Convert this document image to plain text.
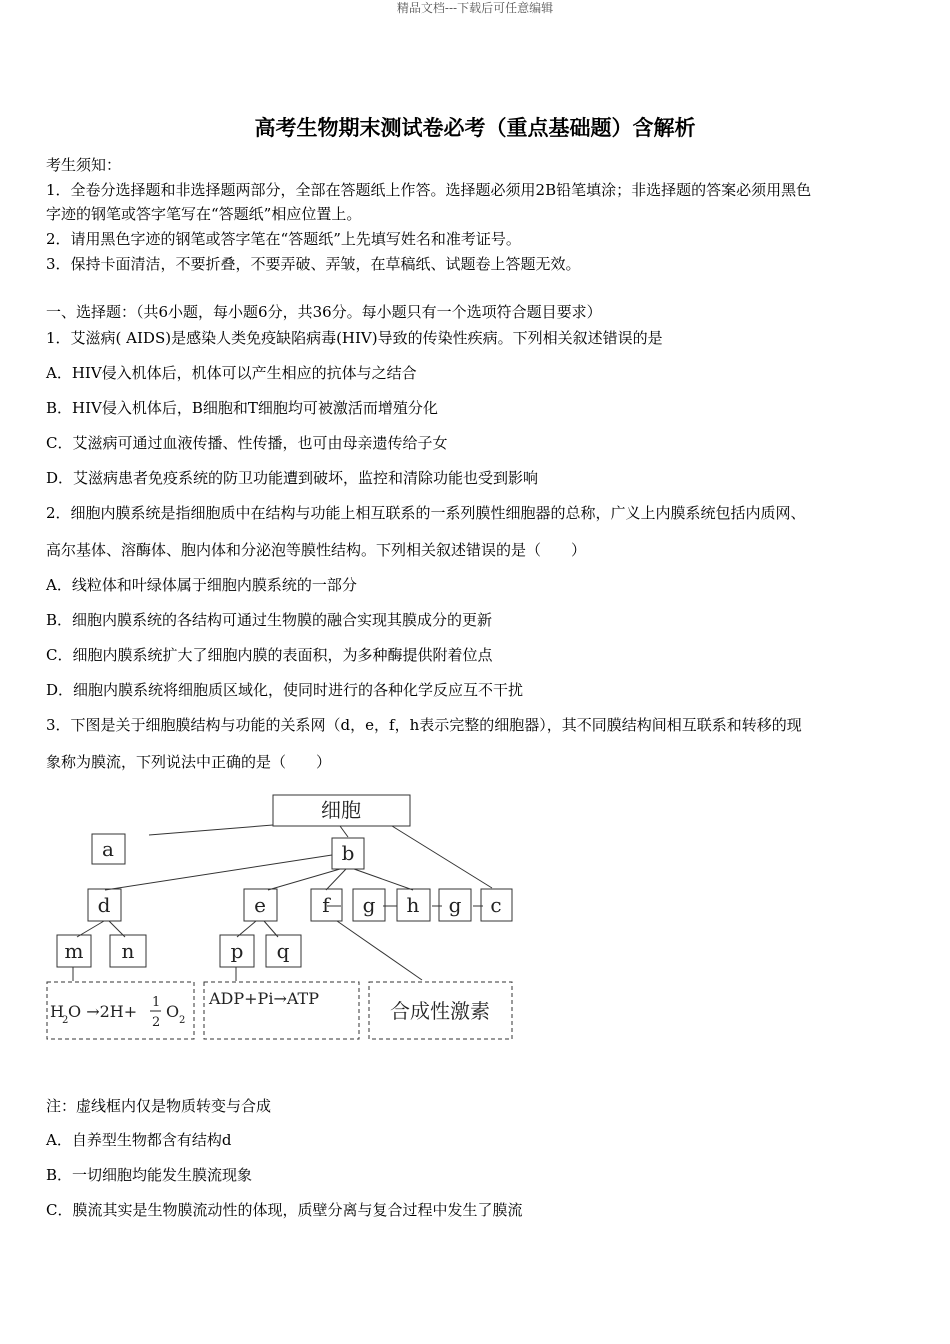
精品文档---下载后可任意编辑
高考生物期末测试卷必考（重点基础题）含解析
考生须知：
1．全卷分选择题和非选择题两部分，全部在答题纸上作答。选择题必须用2B铅笔填涂；非选择题的答案必须用黑色
字迹的钢笔或答字笔写在“答题纸”相应位置上。
2．请用黑色字迹的钢笔或答字笔在“答题纸”上先填写姓名和准考证号。
3．保持卡面清洁，不要折叠，不要弄破、弄皱，在草稿纸、试题卷上答题无效。
一、选择题：（共6小题，每小题6分，共36分。每小题只有一个选项符合题目要求）
1．艾滋病( AIDS)是感染人类免疫缺陷病毒(HIV)导致的传染性疾病。下列相关叙述错误的是
A．HIV侵入机体后，机体可以产生相应的抗体与之结合
B．HIV侵入机体后，B细胞和T细胞均可被激活而增殖分化
C．艾滋病可通过血液传播、性传播，也可由母亲遗传给子女
D．艾滋病患者免疫系统的防卫功能遭到破坏，监控和清除功能也受到影响
2．细胞内膜系统是指细胞质中在结构与功能上相互联系的一系列膜性细胞器的总称，广义上内膜系统包括内质网、
高尔基体、溶酶体、胞内体和分泌泡等膜性结构。下列相关叙述错误的是（　　）
A．线粒体和叶绿体属于细胞内膜系统的一部分
B．细胞内膜系统的各结构可通过生物膜的融合实现其膜成分的更新
C．细胞内膜系统扩大了细胞内膜的表面积，为多种酶提供附着位点
D．细胞内膜系统将细胞质区域化，使同时进行的各种化学反应互不干扰
3．下图是关于细胞膜结构与功能的关系网（d，e，f，h表示完整的细胞器），其不同膜结构间相互联系和转移的现
象称为膜流，下列说法中正确的是（　　）
细胞
a	b
d	e	f g h g c
m n	p q
H
2 O →2H+ 1
2
O 2
ADP+Pi→ATP
合成性激素
注：虚线框内仅是物质转变与合成
A．自养型生物都含有结构d
B．一切细胞均能发生膜流现象
C．膜流其实是生物膜流动性的体现，质壁分离与复合过程中发生了膜流
